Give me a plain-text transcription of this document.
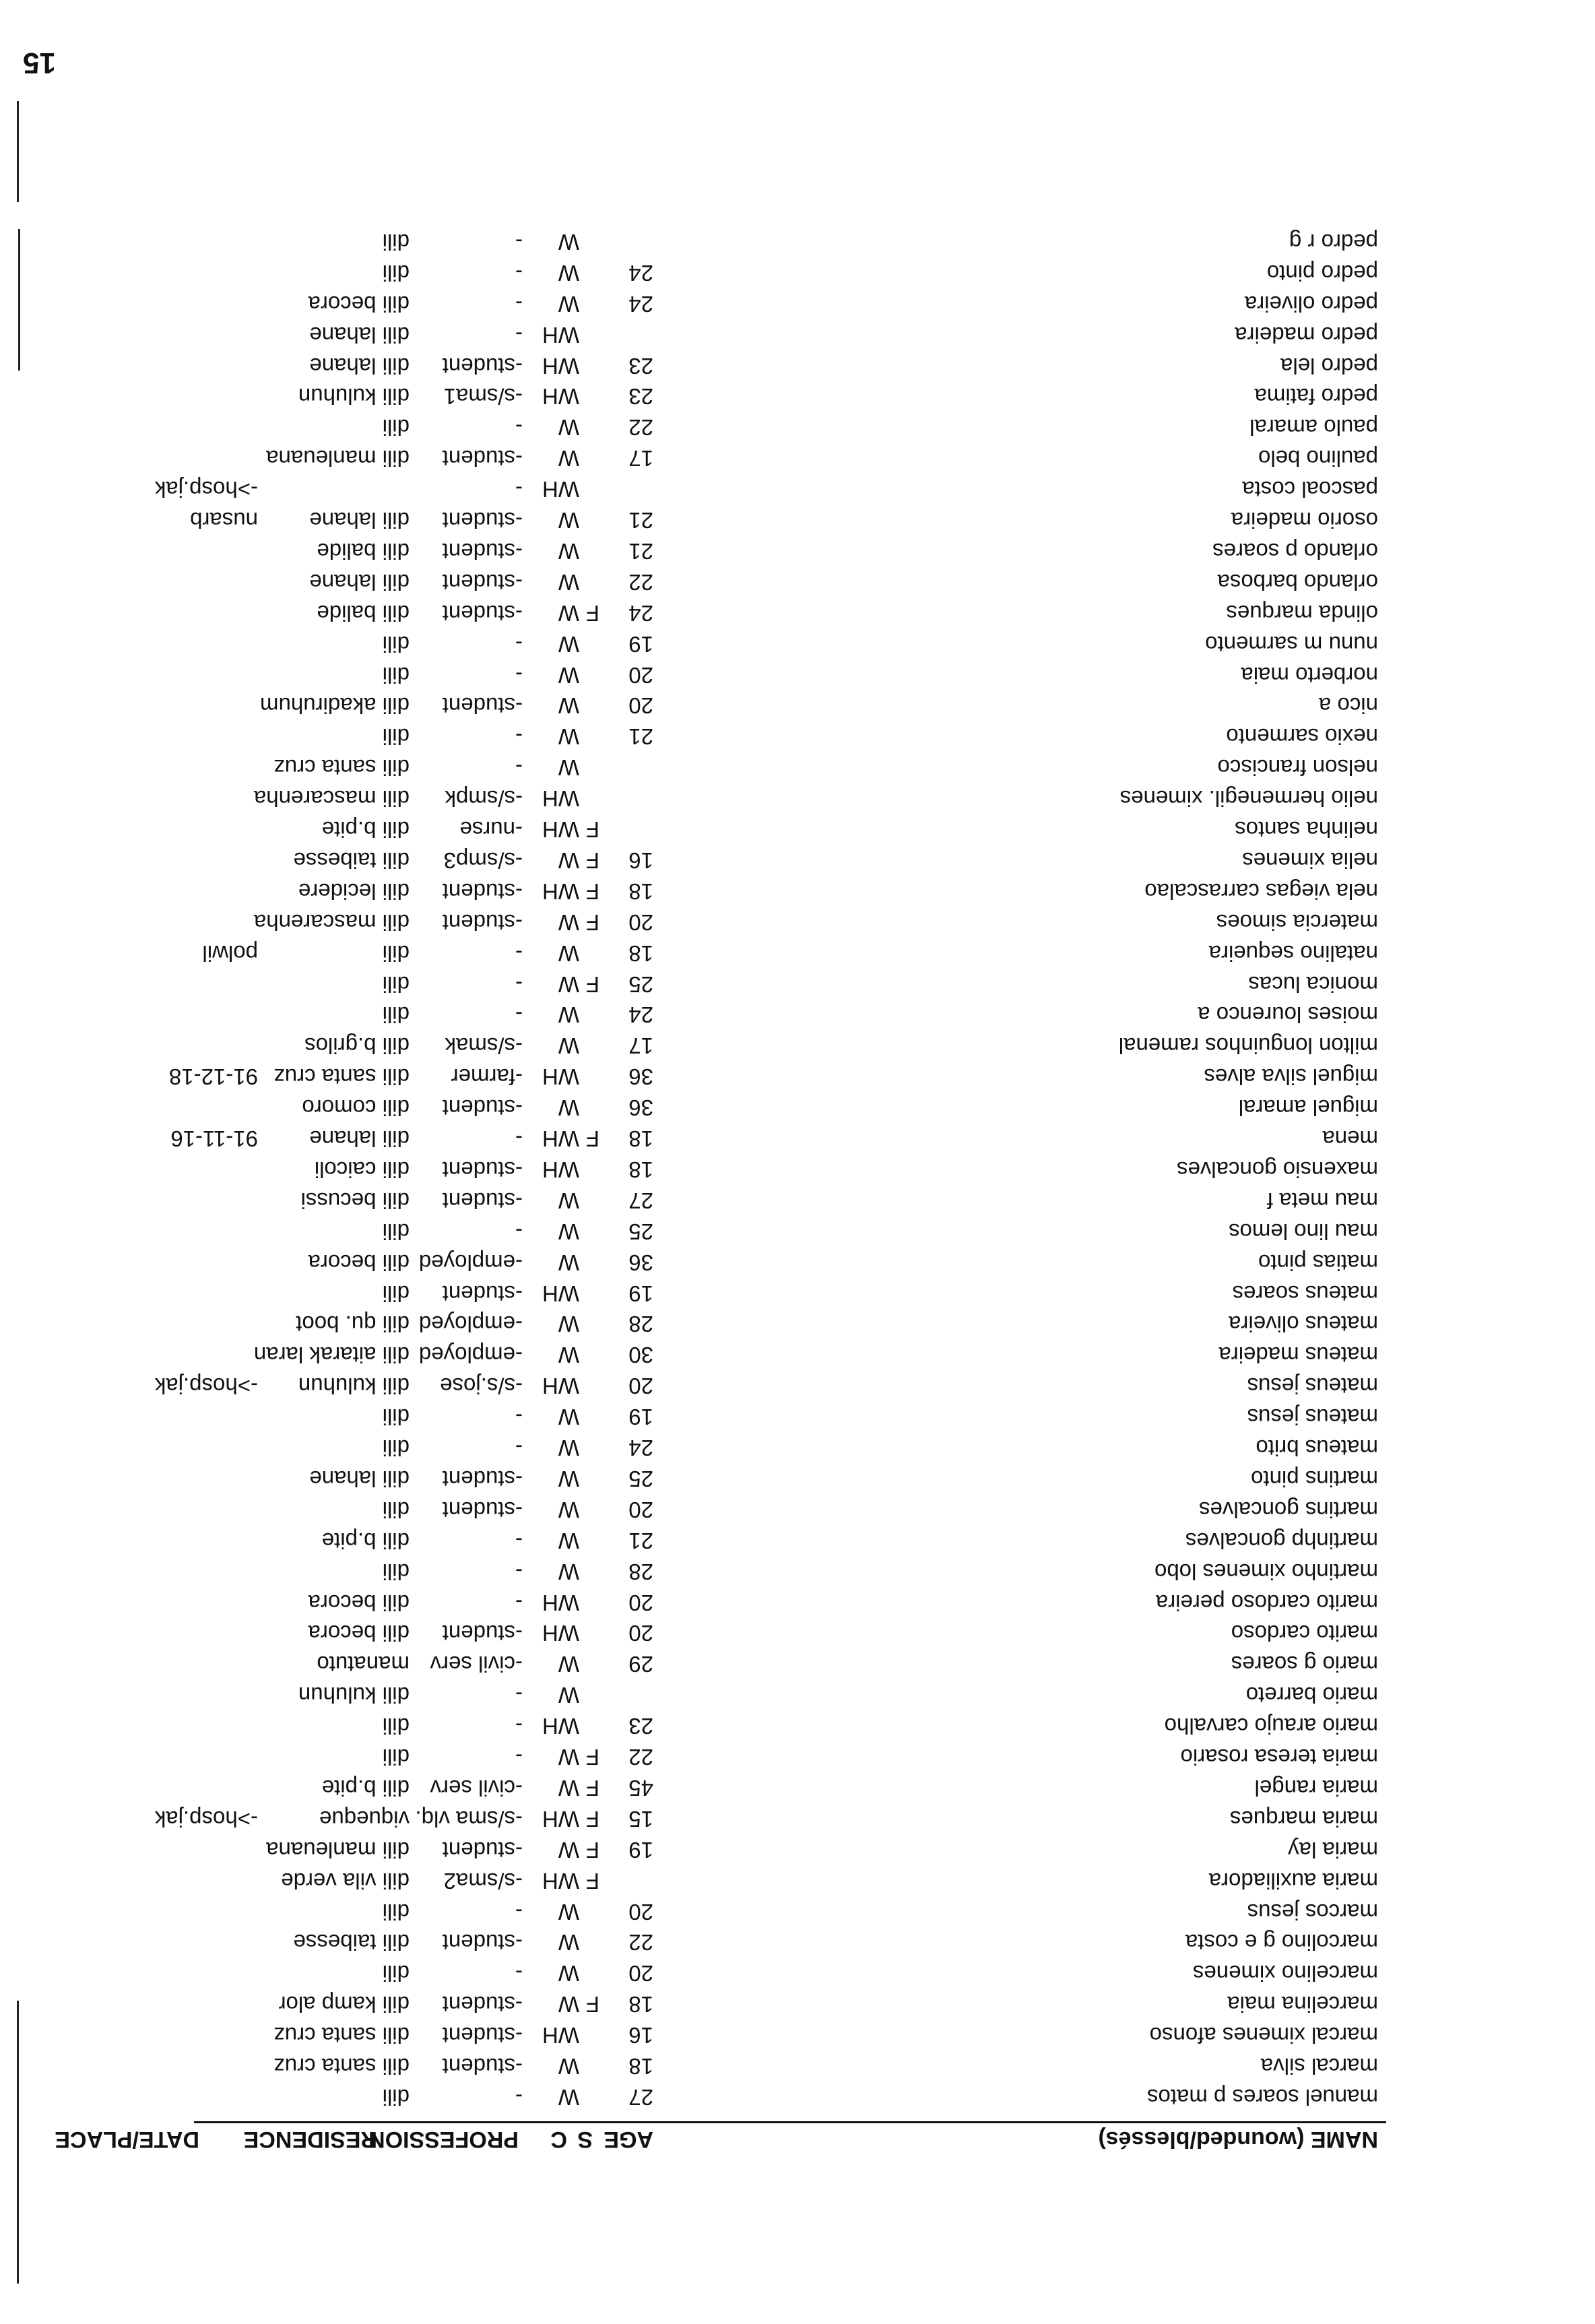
15
NAME (wounded/blessés)
AGE
S
C
PROFESSION
RESIDENCE
DATE/PLACE
manuel soares p matos
27
W
-
dili
marcal silva
18
W
-student
dili santa cruz
marcal ximenes afonso
16
WH
-student
dili santa cruz
marcelina maia
18
F
W
-student
dili kamp alor
marcelino ximenes
20
W
-
dili
marcolino g e costa
22
W
-student
dili taibesse
marcos jesus
20
W
-
dili
maria auxiliadora
F
WH
-s/sma2
dili vila verde
maria lay
19
F
W
-student
dili manleuana
maria marques
15
F
WH
-s/sma vlq.
viqueque
->hosp.jak
maria rangel
45
F
W
-civil serv
dili b.pite
maria teresa rosario
22
F
W
-
dili
mario araujo carvalho
23
WH
-
dili
mario barreto
W
-
dili kuluhun
mario g soares
29
W
-civil serv
manatuto
marito cardoso
20
WH
-student
dili becora
marito cardoso pereira
20
WH
-
dili becora
martinho ximenes lobo
28
W
-
dili
martinhp goncalves
21
W
-
dili b.pite
martins goncalves
20
W
-student
dili
martins pinto
25
W
-student
dili lahane
mateus brito
24
W
-
dili
mateus jesus
19
W
-
dili
mateus jesus
20
WH
-s/s.jose
dili kuluhun
->hosp.jak
mateus madeira
30
W
-employed
dili aitarak laran
mateus oliveira
28
W
-employed
dili qu. boot
mateus soares
19
WH
-student
dili
matias pinto
36
W
-employed
dili becora
mau lino lemos
25
W
-
dili
mau meta f
27
W
-student
dili becussi
maxensio goncalves
18
WH
-student
dili caicoli
mena
18
F
WH
-
dili lahane
91-11-16
miguel amaral
36
W
-student
dili comoro
miguel silva alves
36
WH
-farmer
dili santa cruz
91-12-18
milton longuinhos ramenal
17
W
-s/smak
dili b.grilos
moises lourenco a
24
W
-
dili
monica lucas
25
F
W
-
dili
natalino sequeira
18
W
-
dili
polwil
matercia simoes
20
F
W
-student
dili mascarenha
nela viegas carrascalao
18
F
WH
-student
dili lecidere
nelia ximenes
16
F
W
-s/smp3
dili taibesse
nelinha santos
F
WH
-nurse
dili b.pite
nelio hermenegil. ximenes
WH
-s/smpk
dili mascarenha
nelson francisco
W
-
dili santa cruz
nexio sarmento
21
W
-
dili
nico a
20
W
-student
dili akadiruhum
norberto maia
20
W
-
dili
nunu m sarmento
19
W
-
dili
olinda marques
24
F
W
-student
dili balide
orlando barbosa
22
W
-student
dili lahane
orlando p soares
21
W
-student
dili balide
osorio madeira
21
W
-student
dili lahane
nusarb
pascoal costa
WH
-
->hosp.jak
paulino belo
17
W
-student
dili manleuana
paulo amaral
22
W
-
dili
pedro fatima
23
WH
-s/sma1
dili kuluhun
pedro lela
23
WH
-student
dili lahane
pedro madeira
WH
-
dili lahane
pedro oliveira
24
W
-
dili becora
pedro pinto
24
W
-
dili
pedro r g
W
-
dili
